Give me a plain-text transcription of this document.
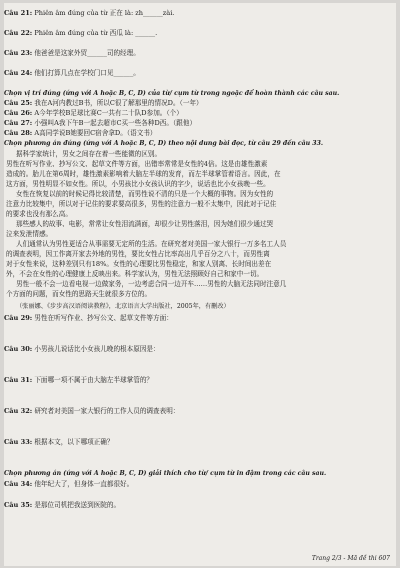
Câu 21: Phiên âm đúng của từ 正在 là: zh______zài.
Câu 22: Phiên âm đúng của từ 西瓜 là: ______.
Câu 23: 他爸爸是这家外贸______司的经理。
Câu 24: 他们打算几点在学校门口见______。
Chọn vị trí đúng (ứng với A hoặc B, C, D) của từ/ cụm từ trong ngoặc để hoàn thành các câu sau.
Câu 25: 我在A河内教过B书，所以C很了解那里的情况D。（一年）
Câu 26: A今年学校B足球比赛C一共有二十队D参加。（个）
Câu 27: 小强叫A我下午B一起去超市C买一些各种D西。（跟他）
Câu 28: A高同学说B她要回C宿舍拿D。（语文书）
Chọn phương án đúng (ứng với A hoặc B, C, D) theo nội dung bài đọc, từ câu 29 đến câu 33.
据科学家统计，男女之间存在着一些能微的区别。
男性在听写作业、抄写公文、起草文件等方面，出错率常常是女性的4倍。这是由雄性激素
造成的。胎儿在第6周时，雄性激素影响着大脑左半球的发育，而左半球掌管着语言。因此，在
这方面，男性明显不如女性。所以，小男孩比小女孩认识的字少，说话也比小女孩晚一些。
女性在恢复以前的时候记得比较清楚，而男性说不清的只是一个大概的事物。因为女性的
注意力比较集中，所以对于记住的要求要高很多，男性的注意力一般不太集中，因此对于记住
的要求也没有那么高。
那些感人的故事、电影，常常让女性泪流满面，却很少让男性落泪，因为她们很少通过哭
泣来发泄情感。
人们通常认为男性更适合从事需要无定所的生活。在研究者对美国一家大银行一万多名工人员
的调查表明，因工作离开家去外地的男性，要比女性占比率高出几乎百分之八十，而男性离
对于女性来说，这种差别只有18%。女性的心理要比男性稳定，和家人别离、长时间出差在
外，不会在女性的心理健康上反映出来。科学家认为，男性无法照顾好自己和家中一切。
男性一般不会一边看电视一边做家务，一边考虑合同一边开车……男性的大脑无法同时注意几
个方面的问题，而女性的思路天生就很多方位的。
（张丽娜、《步步高汉语阅读教程》，北京语言大学出版社，2005年，有删改）
Câu 29: 男性在听写作业、抄写公文、起草文件等方面：
Câu 30: 小男孩儿说话比小女孩儿晚的根本原因是：
Câu 31: 下面哪一项不属于由大脑左半球掌管的？
Câu 32: 研究者对美国一家大银行的工作人员的调查表明：
Câu 33: 根据本文，以下哪项正确？
Chọn phương án (ứng với A hoặc B, C, D) giải thích cho từ/ cụm từ in đậm trong các câu sau.
Câu 34: 他年纪大了，但身体一直都很好。
Câu 35: 是那位司机把我送到医院的。
Trang 2/3 - Mã đề thi 607
